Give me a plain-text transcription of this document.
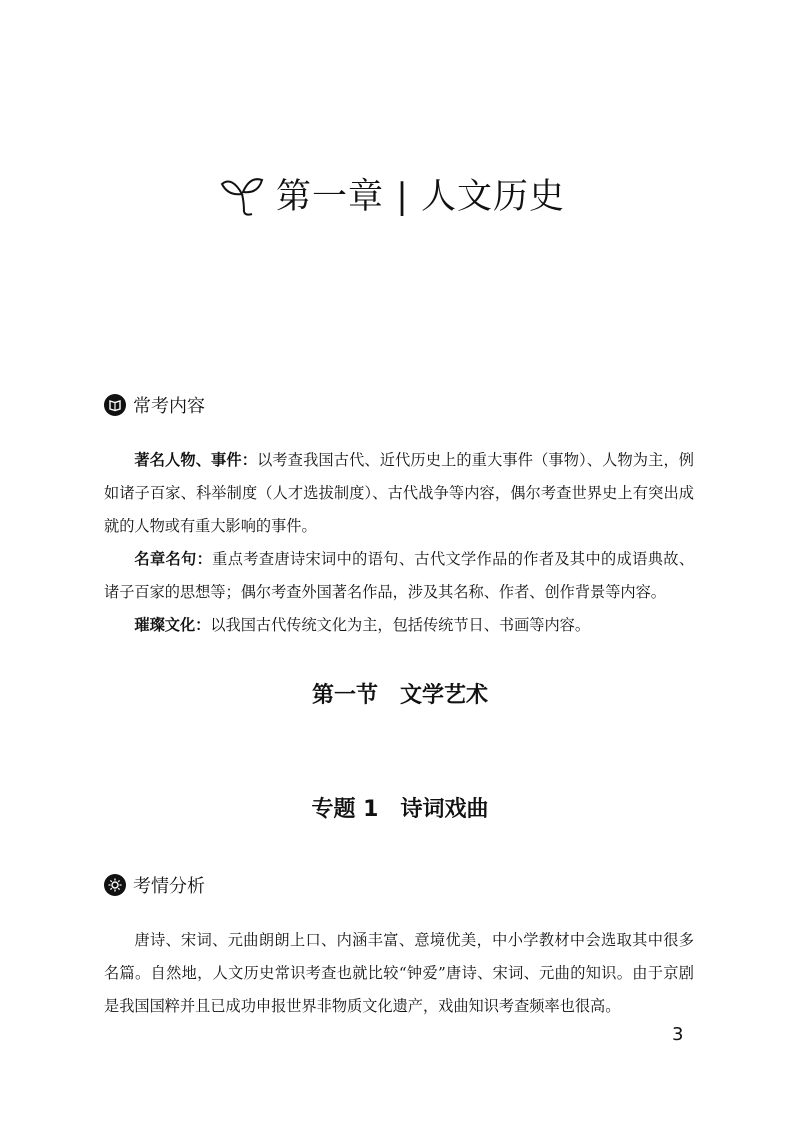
第一章 | 人文历史
常考内容

著名人物、事件：以考查我国古代、近代历史上的重大事件（事物）、人物为主，例如诸子百家、科举制度（人才选拔制度）、古代战争等内容，偶尔考查世界史上有突出成就的人物或有重大影响的事件。

名章名句：重点考查唐诗宋词中的语句、古代文学作品的作者及其中的成语典故、诸子百家的思想等；偶尔考查外国著名作品，涉及其名称、作者、创作背景等内容。

璀璨文化：以我国古代传统文化为主，包括传统节日、书画等内容。

第一节　文学艺术
专题 1　诗词戏曲
考情分析

唐诗、宋词、元曲朗朗上口、内涵丰富、意境优美，中小学教材中会选取其中很多名篇。自然地，人文历史常识考查也就比较“钟爱”唐诗、宋词、元曲的知识。由于京剧是我国国粹并且已成功申报世界非物质文化遗产，戏曲知识考查频率也很高。

3
